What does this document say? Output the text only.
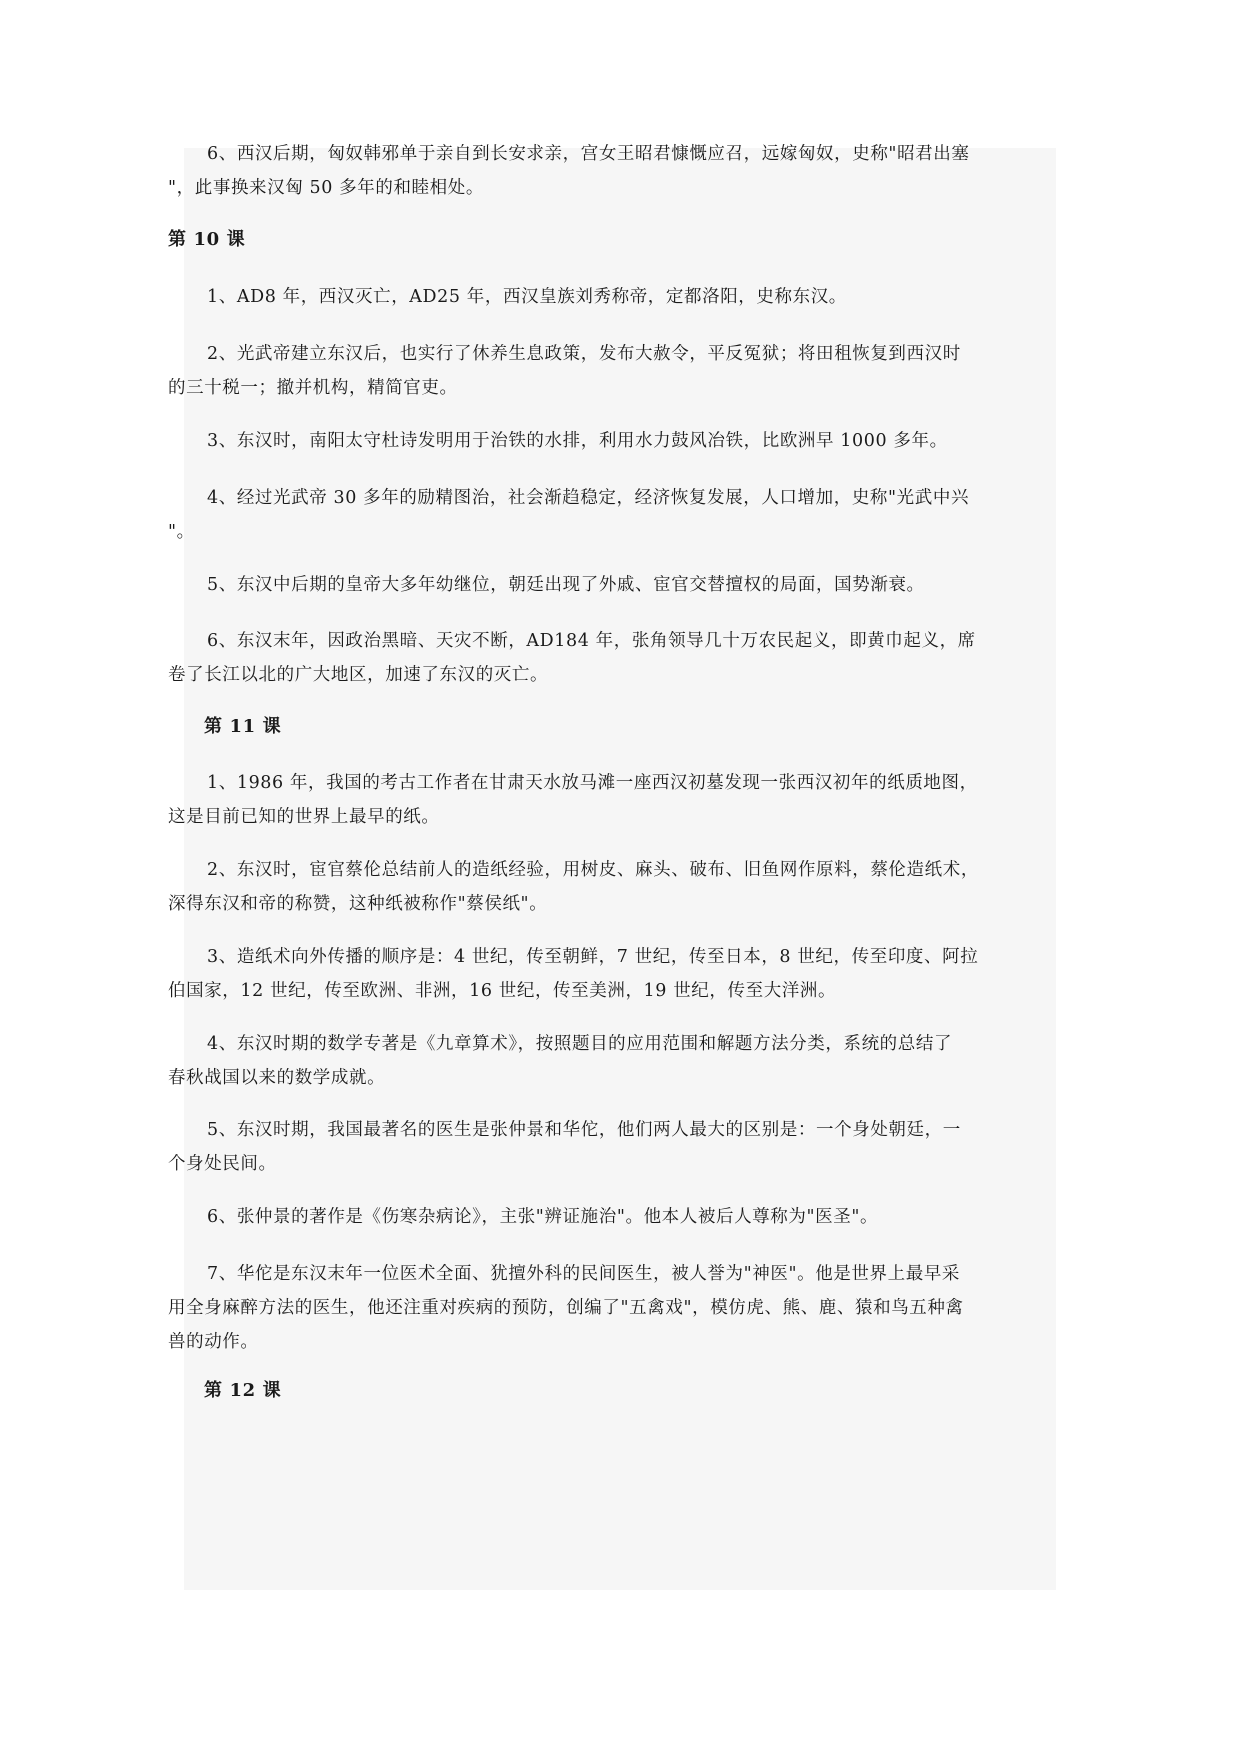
6、西汉后期，匈奴韩邪单于亲自到长安求亲，宫女王昭君慷慨应召，远嫁匈奴，史称"昭君出塞
"，此事换来汉匈 50 多年的和睦相处。
第 10 课
1、AD8 年，西汉灭亡，AD25 年，西汉皇族刘秀称帝，定都洛阳，史称东汉。
2、光武帝建立东汉后，也实行了休养生息政策，发布大赦令，平反冤狱；将田租恢复到西汉时
的三十税一；撤并机构，精简官吏。
3、东汉时，南阳太守杜诗发明用于治铁的水排，利用水力鼓风冶铁，比欧洲早 1000 多年。
4、经过光武帝 30 多年的励精图治，社会渐趋稳定，经济恢复发展，人口增加，史称"光武中兴
"。
5、东汉中后期的皇帝大多年幼继位，朝廷出现了外戚、宦官交替擅权的局面，国势渐衰。
6、东汉末年，因政治黑暗、天灾不断，AD184 年，张角领导几十万农民起义，即黄巾起义，席
卷了长江以北的广大地区，加速了东汉的灭亡。
第 11 课
1、1986 年，我国的考古工作者在甘肃天水放马滩一座西汉初墓发现一张西汉初年的纸质地图，
这是目前已知的世界上最早的纸。
2、东汉时，宦官蔡伦总结前人的造纸经验，用树皮、麻头、破布、旧鱼网作原料，蔡伦造纸术，
深得东汉和帝的称赞，这种纸被称作"蔡侯纸"。
3、造纸术向外传播的顺序是：4 世纪，传至朝鲜，7 世纪，传至日本，8 世纪，传至印度、阿拉
伯国家，12 世纪，传至欧洲、非洲，16 世纪，传至美洲，19 世纪，传至大洋洲。
4、东汉时期的数学专著是《九章算术》，按照题目的应用范围和解题方法分类，系统的总结了
春秋战国以来的数学成就。
5、东汉时期，我国最著名的医生是张仲景和华佗，他们两人最大的区别是：一个身处朝廷，一
个身处民间。
6、张仲景的著作是《伤寒杂病论》，主张"辨证施治"。他本人被后人尊称为"医圣"。
7、华佗是东汉末年一位医术全面、犹擅外科的民间医生，被人誉为"神医"。他是世界上最早采
用全身麻醉方法的医生，他还注重对疾病的预防，创编了"五禽戏"，模仿虎、熊、鹿、猿和鸟五种禽
兽的动作。
第 12 课
